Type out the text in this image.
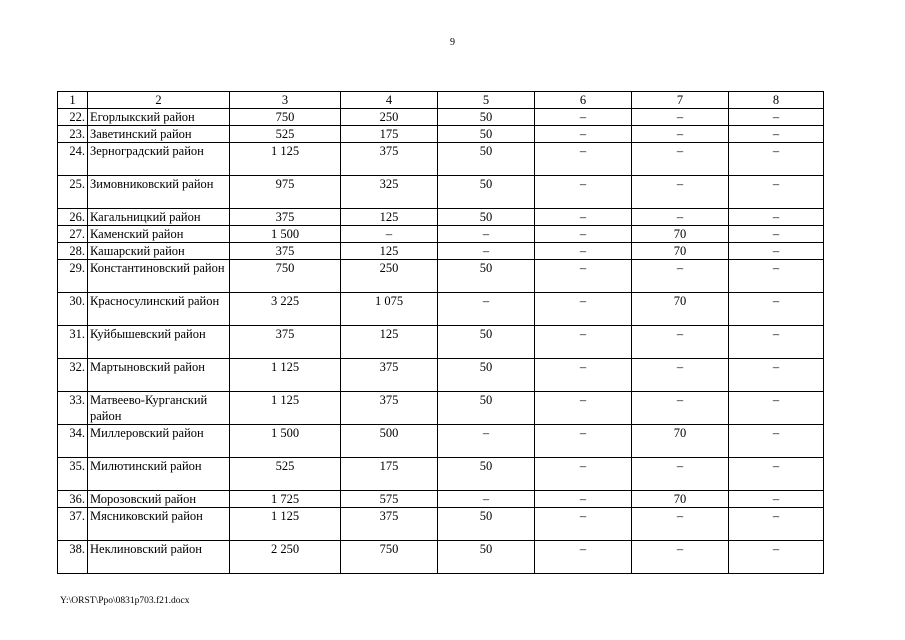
9
1	2	3	4	5	6	7	8
22.	Егорлыкский район	750	250	50	–	–	–
23.	Заветинский район	525	175	50	–	–	–
24.	Зерноградский район	1 125	375	50	–	–	–
25.	Зимовниковский район	975	325	50	–	–	–
26.	Кагальницкий район	375	125	50	–	–	–
27.	Каменский район	1 500	–	–	–	70	–
28.	Кашарский район	375	125	–	–	70	–
29.	Константиновский район	750	250	50	–	–	–
30.	Красносулинский район	3 225	1 075	–	–	70	–
31.	Куйбышевский район	375	125	50	–	–	–
32.	Мартыновский район	1 125	375	50	–	–	–
33.	Матвеево-Курганский район	1 125	375	50	–	–	–
34.	Миллеровский район	1 500	500	–	–	70	–
35.	Милютинский район	525	175	50	–	–	–
36.	Морозовский район	1 725	575	–	–	70	–
37.	Мясниковский район	1 125	375	50	–	–	–
38.	Неклиновский район	2 250	750	50	–	–	–
Y:\ORST\Ppo\0831p703.f21.docx
